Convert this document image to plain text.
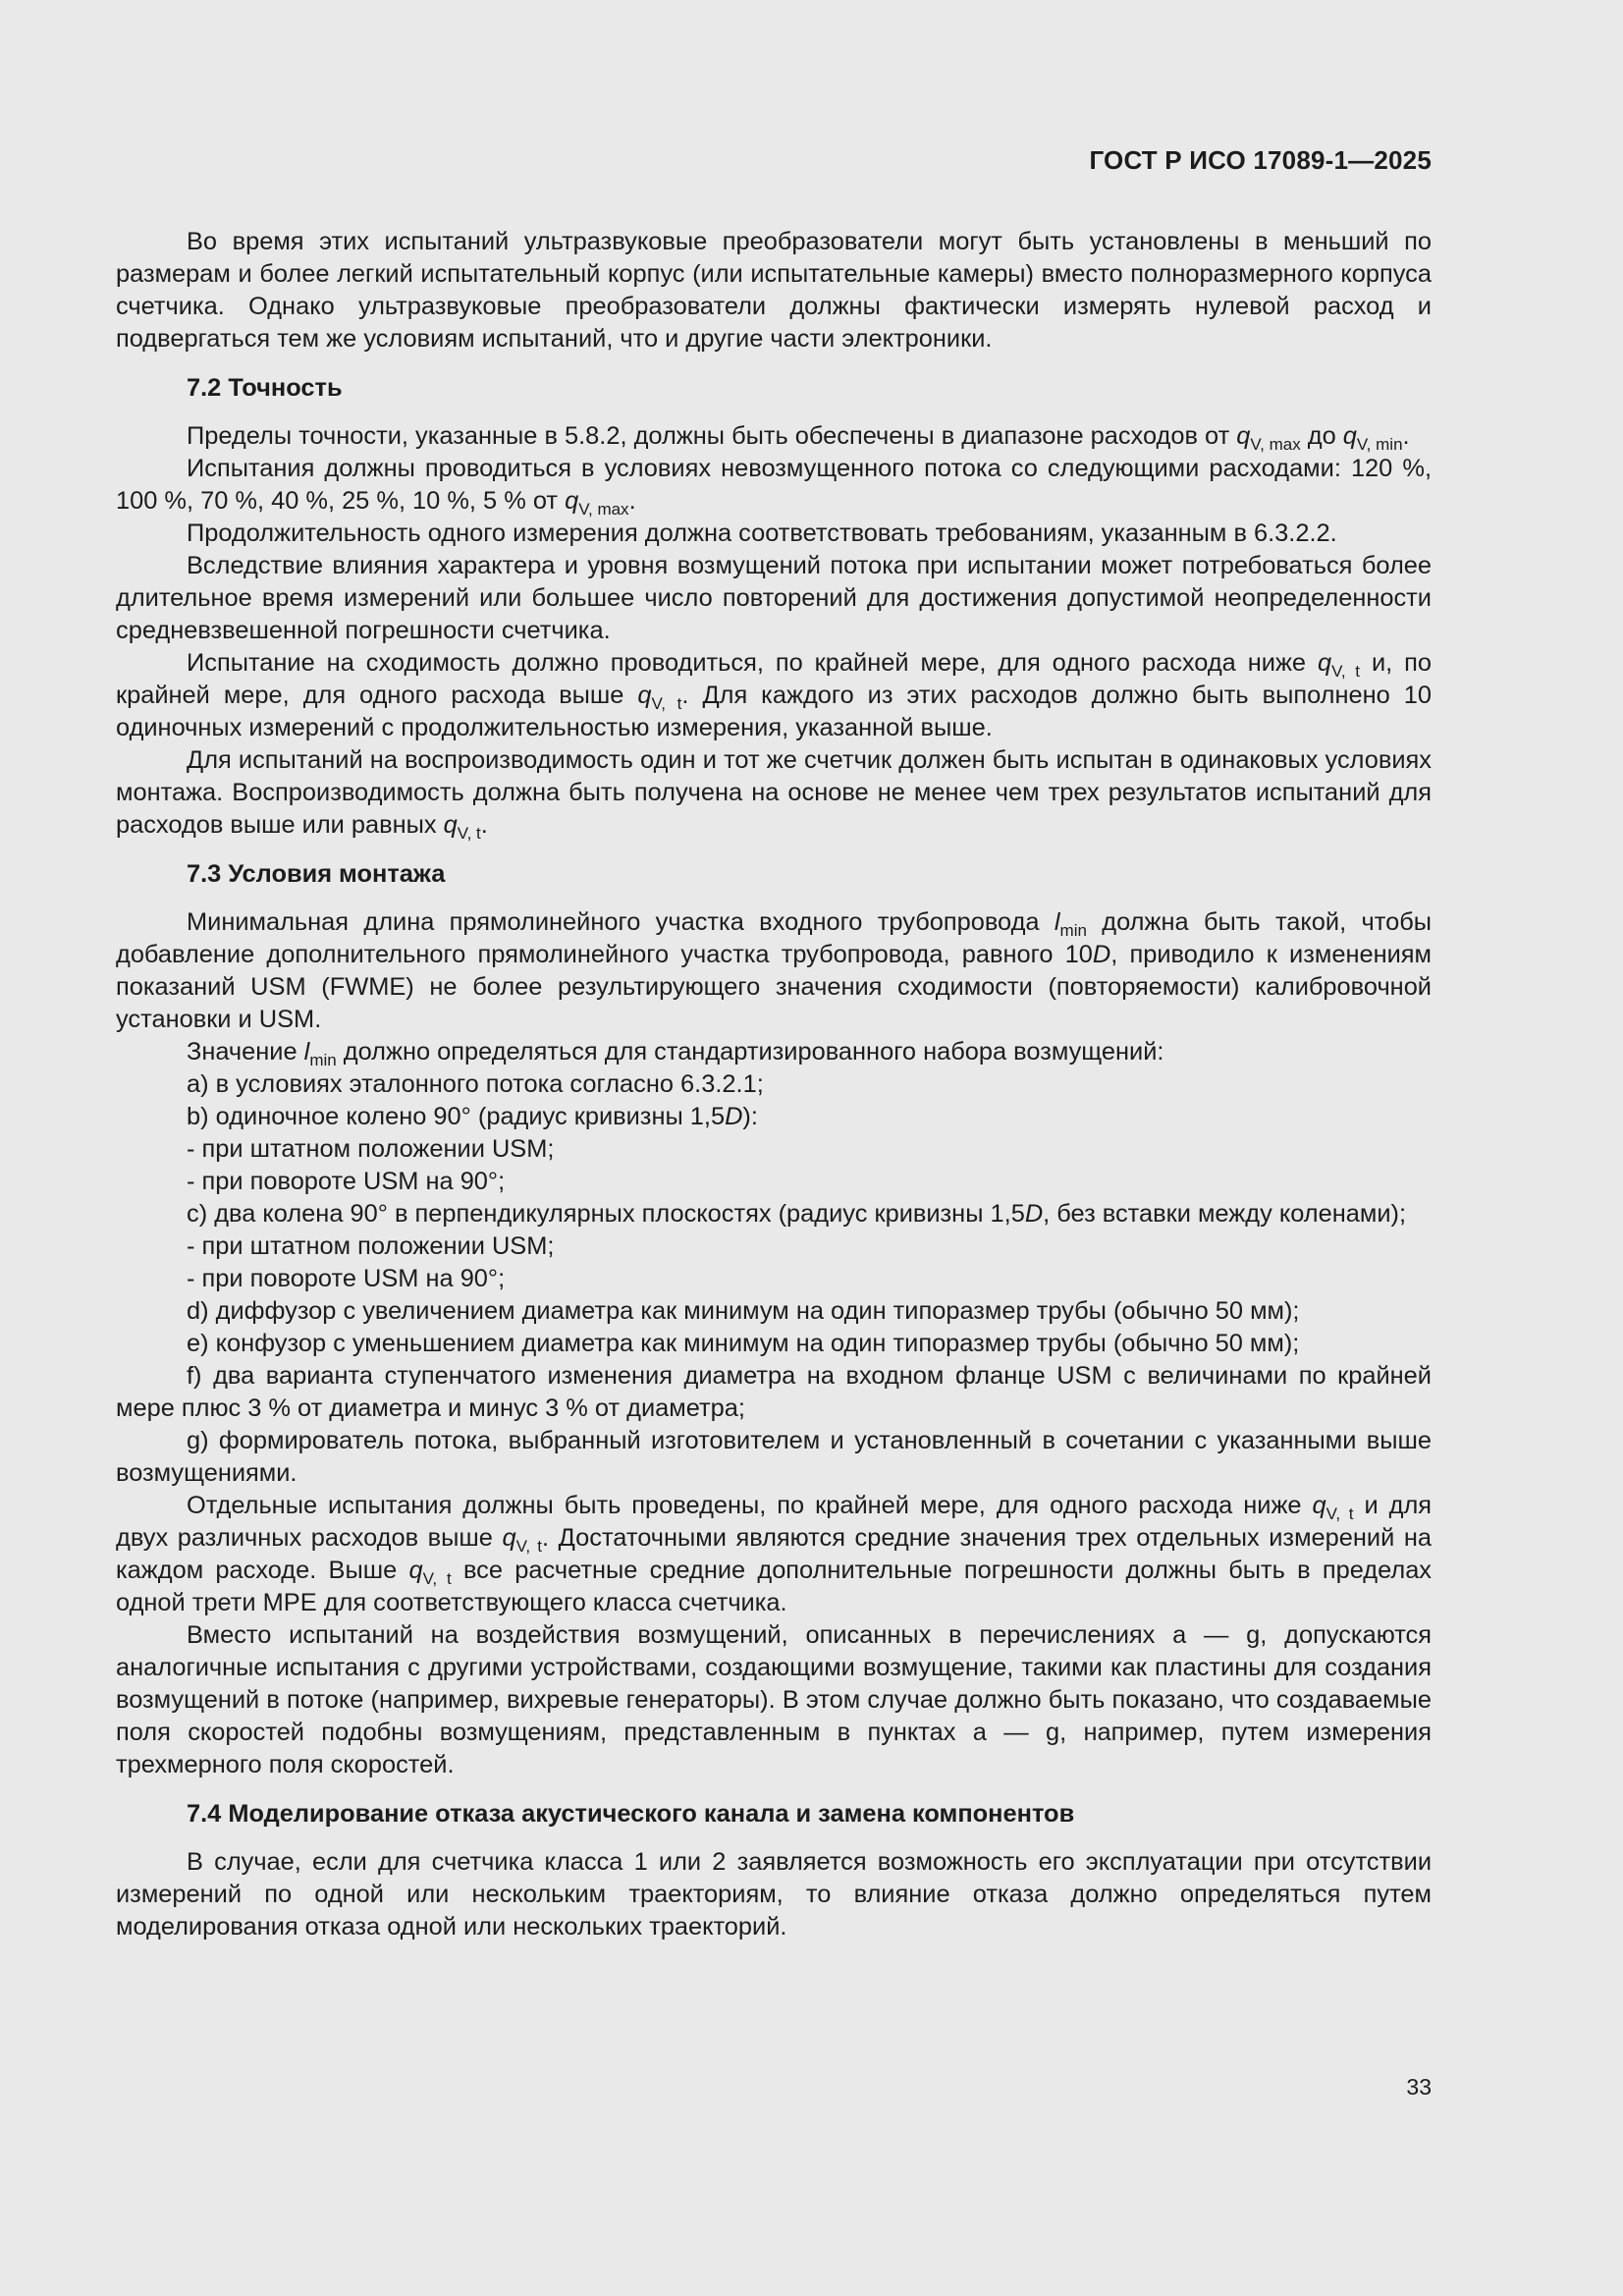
ГОСТ Р ИСО 17089-1—2025

Во время этих испытаний ультразвуковые преобразователи могут быть установлены в меньший по размерам и более легкий испытательный корпус (или испытательные камеры) вместо полноразмерного корпуса счетчика. Однако ультразвуковые преобразователи должны фактически измерять нулевой расход и подвергаться тем же условиям испытаний, что и другие части электроники.

7.2 Точность

Пределы точности, указанные в 5.8.2, должны быть обеспечены в диапазоне расходов от $q_{V, max}$ до $q_{V, min}$.

Испытания должны проводиться в условиях невозмущенного потока со следующими расходами: 120 %, 100 %, 70 %, 40 %, 25 %, 10 %, 5 % от $q_{V, max}$.

Продолжительность одного измерения должна соответствовать требованиям, указанным в 6.3.2.2.

Вследствие влияния характера и уровня возмущений потока при испытании может потребоваться более длительное время измерений или большее число повторений для достижения допустимой неопределенности средневзвешенной погрешности счетчика.

Испытание на сходимость должно проводиться, по крайней мере, для одного расхода ниже $q_{V, t}$ и, по крайней мере, для одного расхода выше $q_{V, t}$. Для каждого из этих расходов должно быть выполнено 10 одиночных измерений с продолжительностью измерения, указанной выше.

Для испытаний на воспроизводимость один и тот же счетчик должен быть испытан в одинаковых условиях монтажа. Воспроизводимость должна быть получена на основе не менее чем трех результатов испытаний для расходов выше или равных $q_{V, t}$.

7.3 Условия монтажа

Минимальная длина прямолинейного участка входного трубопровода $l_{min}$ должна быть такой, чтобы добавление дополнительного прямолинейного участка трубопровода, равного 10D, приводило к изменениям показаний USM (FWME) не более результирующего значения сходимости (повторяемости) калибровочной установки и USM.

Значение $l_{min}$ должно определяться для стандартизированного набора возмущений:

a) в условиях эталонного потока согласно 6.3.2.1;

b) одиночное колено 90° (радиус кривизны 1,5D):

- при штатном положении USM;

- при повороте USM на 90°;

c) два колена 90° в перпендикулярных плоскостях (радиус кривизны 1,5D, без вставки между коленами);

- при штатном положении USM;

- при повороте USM на 90°;

d) диффузор с увеличением диаметра как минимум на один типоразмер трубы (обычно 50 мм);

e) конфузор с уменьшением диаметра как минимум на один типоразмер трубы (обычно 50 мм);

f) два варианта ступенчатого изменения диаметра на входном фланце USM с величинами по крайней мере плюс 3 % от диаметра и минус 3 % от диаметра;

g) формирователь потока, выбранный изготовителем и установленный в сочетании с указанными выше возмущениями.

Отдельные испытания должны быть проведены, по крайней мере, для одного расхода ниже $q_{V, t}$ и для двух различных расходов выше $q_{V, t}$. Достаточными являются средние значения трех отдельных измерений на каждом расходе. Выше $q_{V, t}$ все расчетные средние дополнительные погрешности должны быть в пределах одной трети MPE для соответствующего класса счетчика.

Вместо испытаний на воздействия возмущений, описанных в перечислениях а — g, допускаются аналогичные испытания с другими устройствами, создающими возмущение, такими как пластины для создания возмущений в потоке (например, вихревые генераторы). В этом случае должно быть показано, что создаваемые поля скоростей подобны возмущениям, представленным в пунктах а — g, например, путем измерения трехмерного поля скоростей.

7.4 Моделирование отказа акустического канала и замена компонентов

В случае, если для счетчика класса 1 или 2 заявляется возможность его эксплуатации при отсутствии измерений по одной или нескольким траекториям, то влияние отказа должно определяться путем моделирования отказа одной или нескольких траекторий.

33
